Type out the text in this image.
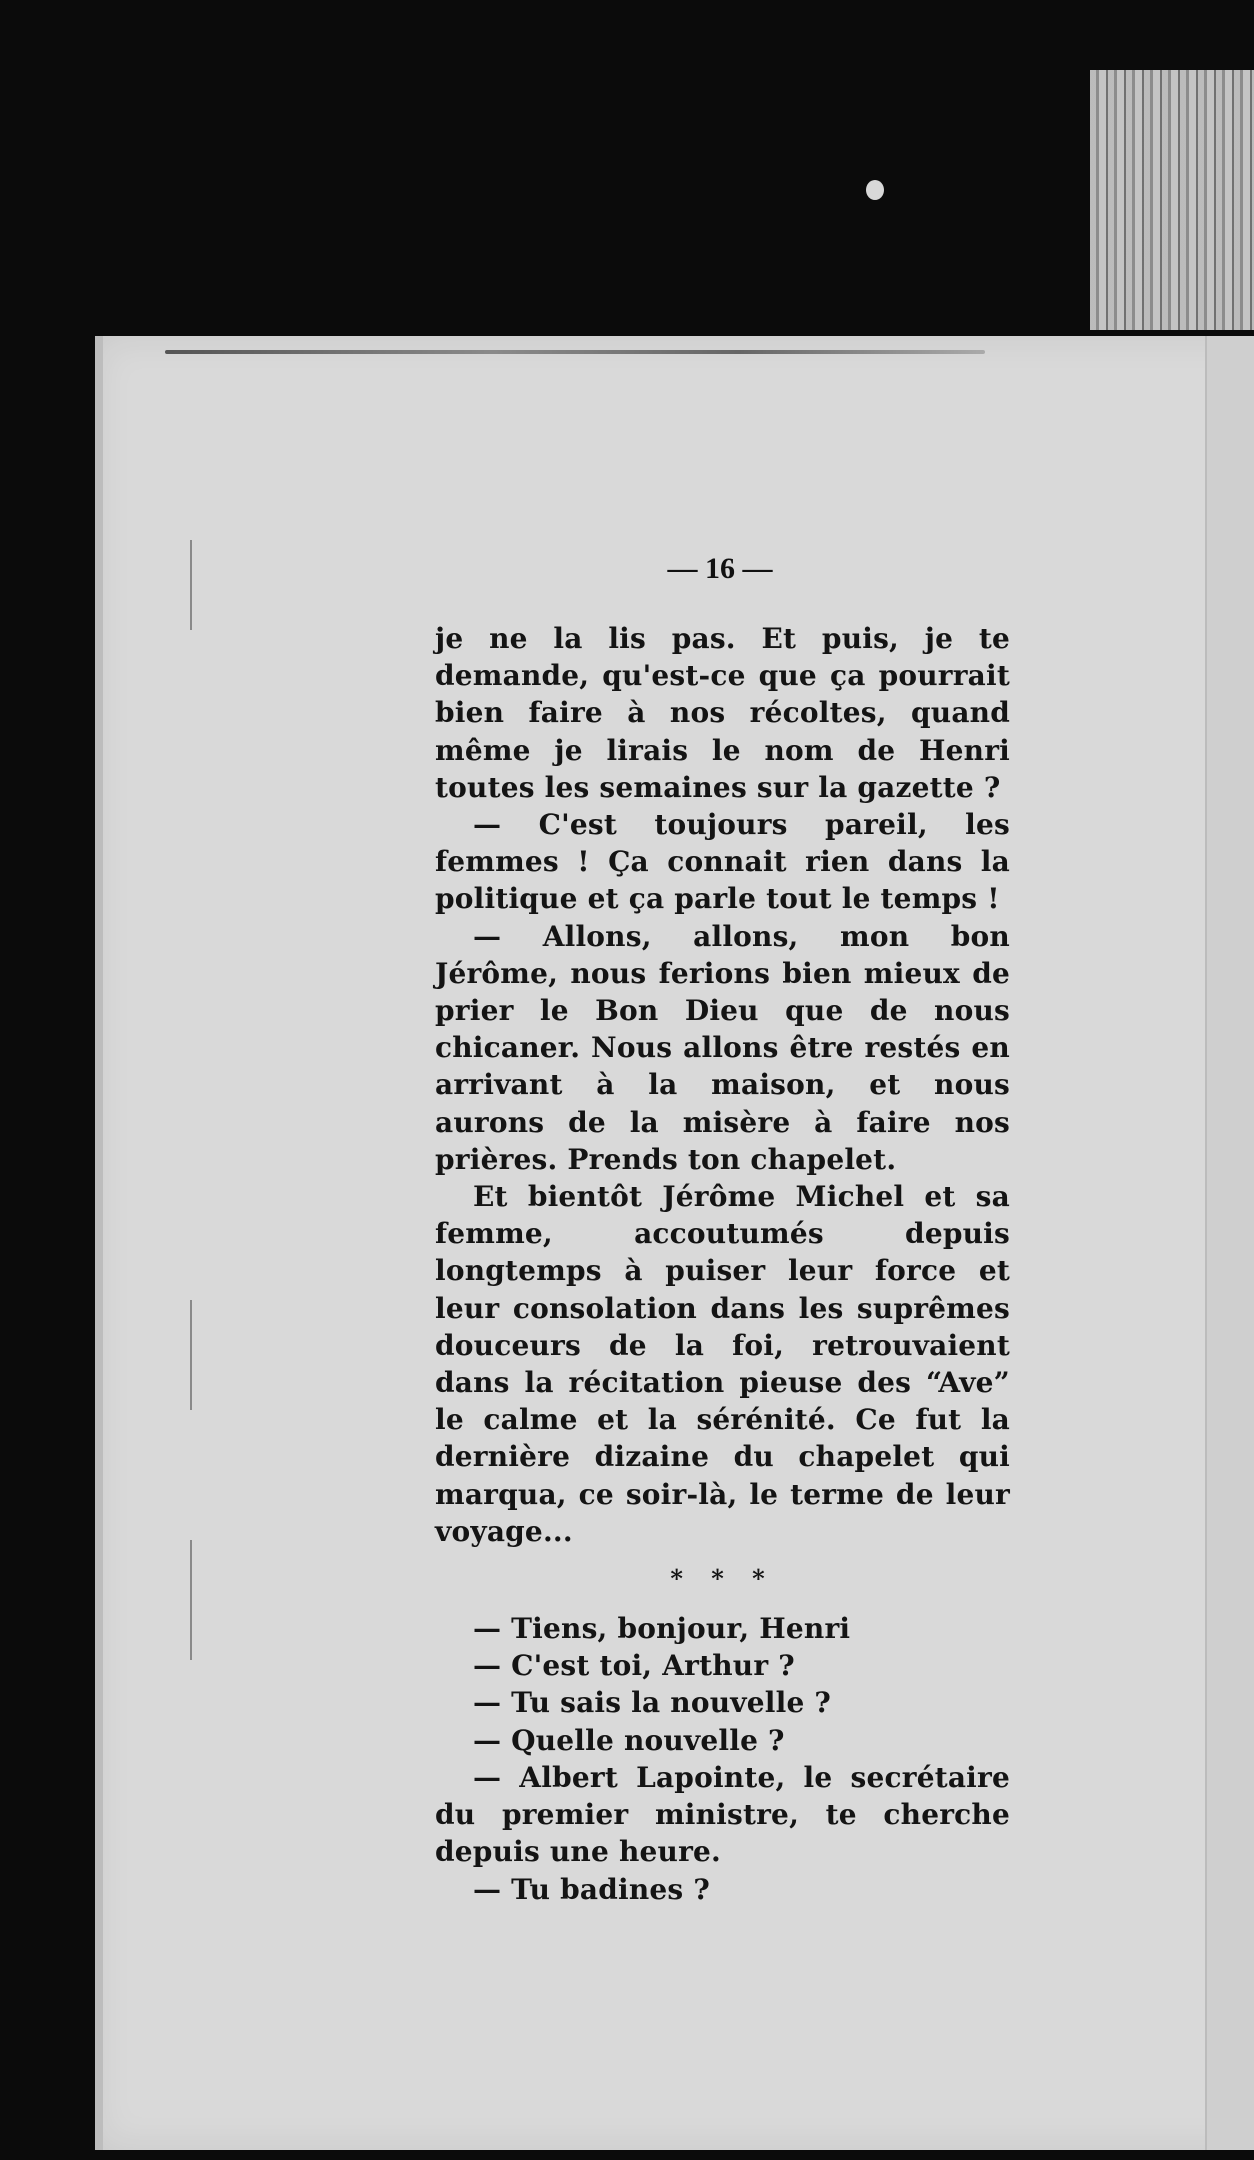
— 16 —

je ne la lis pas. Et puis, je te demande, qu'est-ce que ça pourrait bien faire à nos récoltes, quand même je lirais le nom de Henri toutes les semaines sur la gazette ?

— C'est toujours pareil, les femmes ! Ça connait rien dans la politique et ça parle tout le temps !

— Allons, allons, mon bon Jérôme, nous ferions bien mieux de prier le Bon Dieu que de nous chicaner. Nous allons être restés en arrivant à la maison, et nous aurons de la misère à faire nos prières. Prends ton chapelet.

Et bientôt Jérôme Michel et sa femme, accoutumés depuis longtemps à puiser leur force et leur consolation dans les suprêmes douceurs de la foi, retrouvaient dans la récitation pieuse des “Ave” le calme et la sérénité. Ce fut la dernière dizaine du chapelet qui marqua, ce soir-là, le terme de leur voyage...

* * *

— Tiens, bonjour, Henri

— C'est toi, Arthur ?

— Tu sais la nouvelle ?

— Quelle nouvelle ?

— Albert Lapointe, le secrétaire du premier ministre, te cherche depuis une heure.

— Tu badines ?
